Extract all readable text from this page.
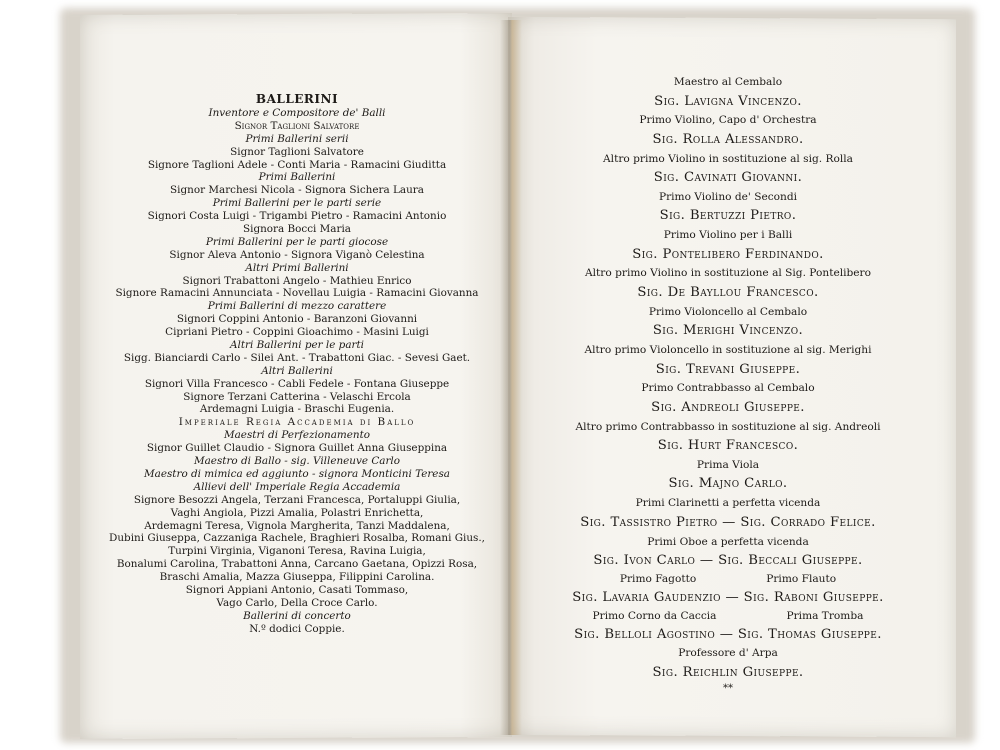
BALLERINI
Inventore e Compositore de' Balli
Signor Taglioni Salvatore
Primi Ballerini serii
Signor Taglioni Salvatore
Signore Taglioni Adele - Conti Maria - Ramacini Giuditta
Primi Ballerini
Signor Marchesi Nicola - Signora Sichera Laura
Primi Ballerini per le parti serie
Signori Costa Luigi - Trigambi Pietro - Ramacini Antonio
Signora Bocci Maria
Primi Ballerini per le parti giocose
Signor Aleva Antonio - Signora Viganò Celestina
Altri Primi Ballerini
Signori Trabattoni Angelo - Mathieu Enrico
Signore Ramacini Annunciata - Novellau Luigia - Ramacini Giovanna
Primi Ballerini di mezzo carattere
Signori Coppini Antonio - Baranzoni Giovanni
Cipriani Pietro - Coppini Gioachimo - Masini Luigi
Altri Ballerini per le parti
Sigg. Bianciardi Carlo - Silei Ant. - Trabattoni Giac. - Sevesi Gaet.
Altri Ballerini
Signori Villa Francesco - Cabli Fedele - Fontana Giuseppe
Signore Terzani Catterina - Velaschi Ercola
Ardemagni Luigia - Braschi Eugenia.
Imperiale Regia Accademia di Ballo
Maestri di Perfezionamento
Signor Guillet Claudio - Signora Guillet Anna Giuseppina
Maestro di Ballo - sig. Villeneuve Carlo
Maestro di mimica ed aggiunto - signora Monticini Teresa
Allievi dell' Imperiale Regia Accademia
Signore Besozzi Angela, Terzani Francesca, Portaluppi Giulia,
Vaghi Angiola, Pizzi Amalia, Polastri Enrichetta,
Ardemagni Teresa, Vignola Margherita, Tanzi Maddalena,
Dubini Giuseppa, Cazzaniga Rachele, Braghieri Rosalba, Romani Gius.,
Turpini Virginia, Viganoni Teresa, Ravina Luigia,
Bonalumi Carolina, Trabattoni Anna, Carcano Gaetana, Opizzi Rosa,
Braschi Amalia, Mazza Giuseppa, Filippini Carolina.
Signori Appiani Antonio, Casati Tommaso,
Vago Carlo, Della Croce Carlo.
Ballerini di concerto
N.º dodici Coppie.
Maestro al Cembalo
Sig. Lavigna Vincenzo.
Primo Violino, Capo d' Orchestra
Sig. Rolla Alessandro.
Altro primo Violino in sostituzione al sig. Rolla
Sig. Cavinati Giovanni.
Primo Violino de' Secondi
Sig. Bertuzzi Pietro.
Primo Violino per i Balli
Sig. Pontelibero Ferdinando.
Altro primo Violino in sostituzione al Sig. Pontelibero
Sig. De Bayllou Francesco.
Primo Violoncello al Cembalo
Sig. Merighi Vincenzo.
Altro primo Violoncello in sostituzione al sig. Merighi
Sig. Trevani Giuseppe.
Primo Contrabbasso al Cembalo
Sig. Andreoli Giuseppe.
Altro primo Contrabbasso in sostituzione al sig. Andreoli
Sig. Hurt Francesco.
Prima Viola
Sig. Majno Carlo.
Primi Clarinetti a perfetta vicenda
Sig. Tassistro Pietro — Sig. Corrado Felice.
Primi Oboe a perfetta vicenda
Sig. Ivon Carlo — Sig. Beccali Giuseppe.
Primo Fagotto	Primo Flauto
Sig. Lavaria Gaudenzio — Sig. Raboni Giuseppe.
Primo Corno da Caccia	Prima Tromba
Sig. Belloli Agostino — Sig. Thomas Giuseppe.
Professore d' Arpa
Sig. Reichlin Giuseppe.
**
